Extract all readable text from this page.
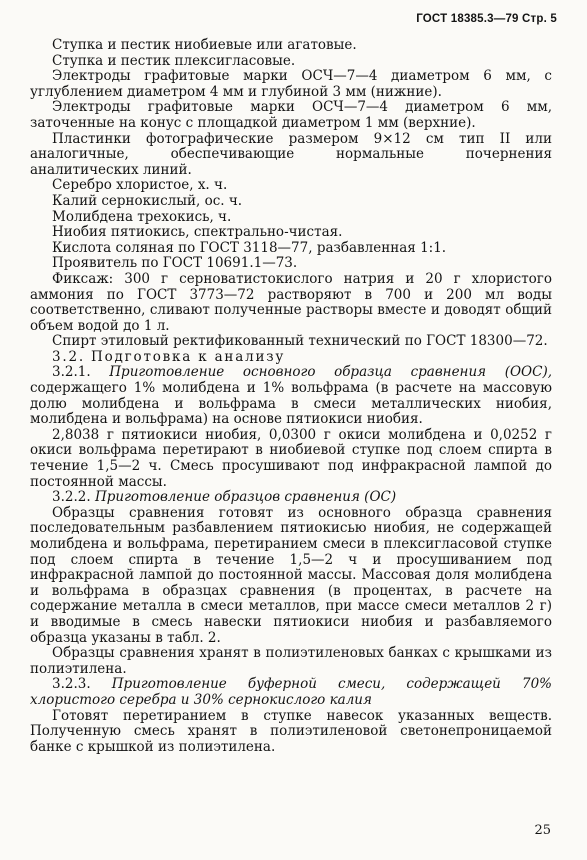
ГОСТ 18385.3—79 Стр. 5

Ступка и пестик ниобиевые или агатовые.

Ступка и пестик плексигласовые.

Электроды графитовые марки ОСЧ—7—4 диаметром 6 мм, с углублением диаметром 4 мм и глубиной 3 мм (нижние).

Электроды графитовые марки ОСЧ—7—4 диаметром 6 мм, заточенные на конус с площадкой диаметром 1 мм (верхние).

Пластинки фотографические размером 9×12 см тип II или аналогичные, обеспечивающие нормальные почернения аналитических линий.

Серебро хлористое, х. ч.

Калий сернокислый, ос. ч.

Молибдена трехокись, ч.

Ниобия пятиокись, спектрально-чистая.

Кислота соляная по ГОСТ 3118—77, разбавленная 1:1.

Проявитель по ГОСТ 10691.1—73.

Фиксаж: 300 г серноватистокислого натрия и 20 г хлористого аммония по ГОСТ 3773—72 растворяют в 700 и 200 мл воды соответственно, сливают полученные растворы вместе и доводят общий объем водой до 1 л.

Спирт этиловый ректификованный технический по ГОСТ 18300—72.

3.2. Подготовка к анализу

3.2.1. Приготовление основного образца сравнения (ООС), содержащего 1% молибдена и 1% вольфрама (в расчете на массовую долю молибдена и вольфрама в смеси металлических ниобия, молибдена и вольфрама) на основе пятиокиси ниобия.

2,8038 г пятиокиси ниобия, 0,0300 г окиси молибдена и 0,0252 г окиси вольфрама перетирают в ниобиевой ступке под слоем спирта в течение 1,5—2 ч. Смесь просушивают под инфракрасной лампой до постоянной массы.

3.2.2. Приготовление образцов сравнения (ОС)

Образцы сравнения готовят из основного образца сравнения последовательным разбавлением пятиокисью ниобия, не содержащей молибдена и вольфрама, перетиранием смеси в плексигласовой ступке под слоем спирта в течение 1,5—2 ч и просушиванием под инфракрасной лампой до постоянной массы. Массовая доля молибдена и вольфрама в образцах сравнения (в процентах, в расчете на содержание металла в смеси металлов, при массе смеси металлов 2 г) и вводимые в смесь навески пятиокиси ниобия и разбавляемого образца указаны в табл. 2.

Образцы сравнения хранят в полиэтиленовых банках с крышками из полиэтилена.

3.2.3. Приготовление буферной смеси, содержащей 70% хлористого серебра и 30% сернокислого калия

Готовят перетиранием в ступке навесок указанных веществ. Полученную смесь хранят в полиэтиленовой светонепроницаемой банке с крышкой из полиэтилена.

25
